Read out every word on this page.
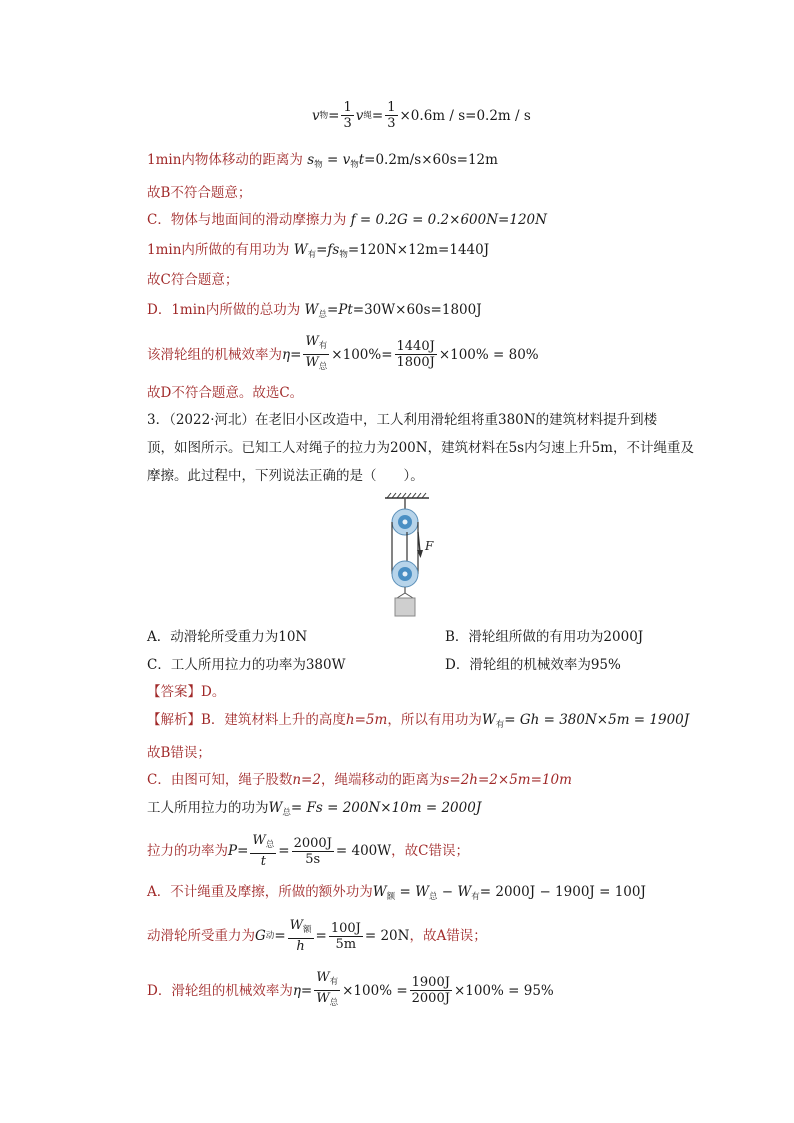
v 物 = $\frac{1}{3}$ v 绳 = $\frac{1}{3} \times 0.6m / s=0.2m / s$
1min内物体移动的距离为 $s_物 = v_物t=0.2m/s\times 60s=12m$
故B不符合题意；
C．物体与地面间的滑动摩擦力为 f = 0.2G = 0.2×600N=120N
1min内所做的有用功为 $W_有=fs_物=120N\times 12m=1440J$
故C符合题意；
D．1min内所做的总功为 $W_总=Pt=30W\times 60s=1800J$
该滑轮组的机械效率为 $\eta = \frac{W_有}{W_总} \times 100\%= \frac{1440J}{1800J} \times 100\% = 80\%$
故D不符合题意。故选C。
3．（2022·河北）在老旧小区改造中，工人利用滑轮组将重380N的建筑材料提升到楼
顶，如图所示。已知工人对绳子的拉力为200N，建筑材料在5s内匀速上升5m，不计绳重及
摩擦。此过程中，下列说法正确的是（　　）。
F
A．动滑轮所受重力为10N	B．滑轮组所做的有用功为2000J
C．工人所用拉力的功率为380W	D．滑轮组的机械效率为95%
【答案】D。
【解析】B．建筑材料上升的高度h=5m，所以有用功为$W_有= Gh = 380N\times 5m = 1900J$
故B错误；
C．由图可知，绳子股数n=2，绳端移动的距离为s=2h=2×5m=10m
工人所用拉力的功为$W_总= Fs = 200N\times 10m = 2000J$
拉力的功率为 $P = \frac{W_总}{t} = \frac{2000J}{5s} = 400W$ ，故C错误；
A．不计绳重及摩擦，所做的额外功为$W_额 = W_总 - W_有= 2000J - 1900J = 100J$
动滑轮所受重力为 G 动 = $\frac{W_额}{h} = \frac{100J}{5m} = 20N$ ，故A错误；
D．滑轮组的机械效率为 $\eta = \frac{W_有}{W_总} \times 100\% = \frac{1900J}{2000J} \times 100\% = 95\%$
